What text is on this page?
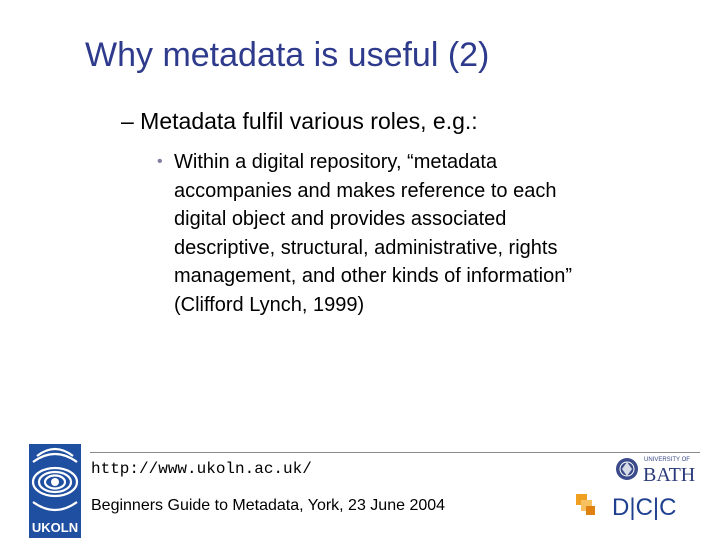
Why metadata is useful (2)
– Metadata fulfil various roles, e.g.:
• Within a digital repository, “metadata
accompanies and makes reference to each
digital object and provides associated
descriptive, structural, administrative, rights
management, and other kinds of information”
(Clifford Lynch, 1999)
UKOLN
http://www.ukoln.ac.uk/
Beginners Guide to Metadata, York, 23 June 2004
UNIVERSITY OF
BATH
D|C|C
